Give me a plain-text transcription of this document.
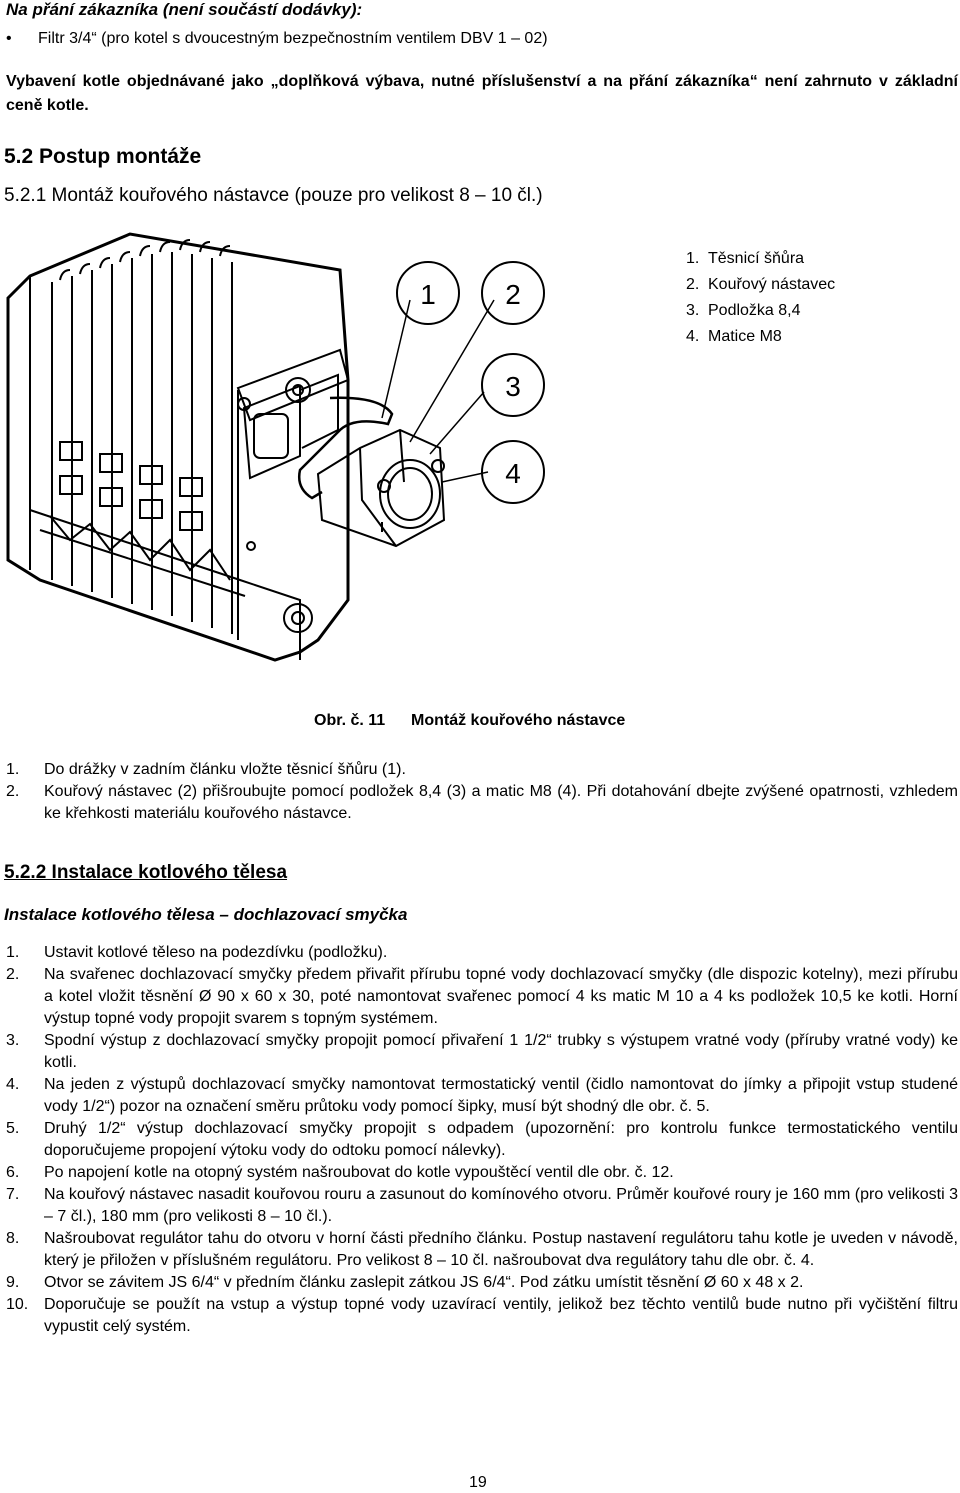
Na přání zákazníka (není součástí dodávky):
• Filtr 3/4“ (pro kotel s dvoucestným bezpečnostním ventilem DBV 1 – 02)
Vybavení kotle objednávané jako „doplňková výbava, nutné příslušenství a na přání zákazníka“ není zahrnuto v základní ceně kotle.
5.2 Postup montáže
5.2.1 Montáž kouřového nástavce (pouze pro velikost 8 – 10 čl.)
1 2
3
4
1. Těsnicí šňůra
2. Kouřový nástavec
3. Podložka 8,4
4. Matice M8
Obr. č. 11 Montáž kouřového nástavce
1. Do drážky v zadním článku vložte těsnicí šňůru (1).
2. Kouřový nástavec (2) přišroubujte pomocí podložek 8,4 (3) a matic M8 (4). Při dotahování dbejte zvýšené opatrnosti, vzhledem ke křehkosti materiálu kouřového nástavce.
5.2.2 Instalace kotlového tělesa
Instalace kotlového tělesa – dochlazovací smyčka
1. Ustavit kotlové těleso na podezdívku (podložku).
2. Na svařenec dochlazovací smyčky předem přivařit přírubu topné vody dochlazovací smyčky (dle dispozic kotelny), mezi přírubu a kotel vložit těsnění Ø 90 x 60 x 30, poté namontovat svařenec pomocí 4 ks matic M 10 a 4 ks podložek 10,5 ke kotli. Horní výstup topné vody propojit svarem s topným systémem.
3. Spodní výstup z dochlazovací smyčky propojit pomocí přivaření 1 1/2“ trubky s výstupem vratné vody (příruby vratné vody) ke kotli.
4. Na jeden z výstupů dochlazovací smyčky namontovat termostatický ventil (čidlo namontovat do jímky a připojit vstup studené vody 1/2“) pozor na označení směru průtoku vody pomocí šipky, musí být shodný dle obr. č. 5.
5. Druhý 1/2“ výstup dochlazovací smyčky propojit s odpadem (upozornění: pro kontrolu funkce termostatického ventilu doporučujeme propojení výtoku vody do odtoku pomocí nálevky).
6. Po napojení kotle na otopný systém našroubovat do kotle vypouštěcí ventil dle obr. č. 12.
7. Na kouřový nástavec nasadit kouřovou rouru a zasunout do komínového otvoru. Průměr kouřové roury je 160 mm (pro velikosti 3 – 7 čl.), 180 mm (pro velikosti 8 – 10 čl.).
8. Našroubovat regulátor tahu do otvoru v horní části předního článku. Postup nastavení regulátoru tahu kotle je uveden v návodě, který je přiložen v příslušném regulátoru. Pro velikost 8 – 10 čl. našroubovat dva regulátory tahu dle obr. č. 4.
9. Otvor se závitem JS 6/4“ v předním článku zaslepit zátkou JS 6/4“. Pod zátku umístit těsnění Ø 60 x 48 x 2.
10. Doporučuje se použít na vstup a výstup topné vody uzavírací ventily, jelikož bez těchto ventilů bude nutno při vyčištění filtru vypustit celý systém.
19
